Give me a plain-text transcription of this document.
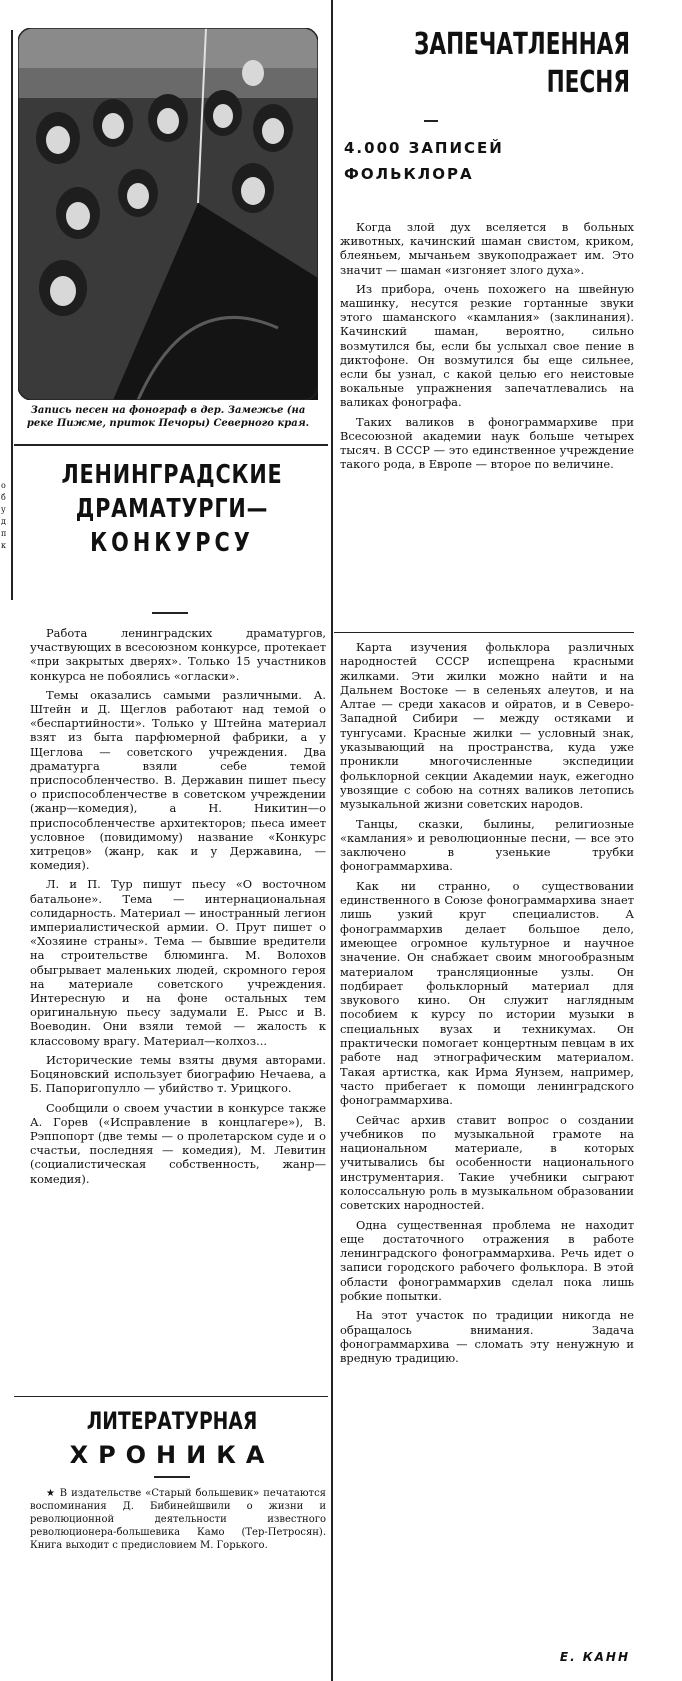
о б у д п к
Запись песен на фонограф в дер. Замежье (на реке Пижме, приток Печоры) Северного края.
ЛЕНИНГРАДСКИЕ
ДРАМАТУРГИ—
КОНКУРСУ

Работа ленинградских драматургов, участвующих в всесоюзном конкурсе, протекает «при закрытых дверях». Только 15 участников конкурса не побоялись «огласки».

Темы оказались самыми различными. А. Штейн и Д. Щеглов работают над темой о «беспартийности». Только у Штейна материал взят из быта парфюмерной фабрики, а у Щеглова — советского учреждения. Два драматурга взяли себе темой приспособленчество. В. Державин пишет пьесу о приспособленчестве в советском учреждении (жанр—комедия), а Н. Никитин—о приспособленчестве архитекторов; пьеса имеет условное (повидимому) название «Конкурс хитрецов» (жанр, как и у Державина, — комедия).

Л. и П. Тур пишут пьесу «О восточном батальоне». Тема — интернациональная солидарность. Материал — иностранный легион империалистической армии. О. Прут пишет о «Хозяине страны». Тема — бывшие вредители на строительстве блюминга. М. Волохов обыгрывает маленьких людей, скромного героя на материале советского учреждения. Интересную и на фоне остальных тем оригинальную пьесу задумали Е. Рысс и В. Воеводин. Они взяли темой — жалость к классовому врагу. Материал—колхоз...

Исторические темы взяты двумя авторами. Боцяновский использует биографию Нечаева, а Б. Папоригопулло — убийство т. Урицкого.

Сообщили о своем участии в конкурсе также А. Горев («Исправление в концлагере»), В. Рэппопорт (две темы — о пролетарском суде и о счастьи, последняя — комедия), М. Левитин (социалистическая собственность, жанр—комедия).

ЛИТЕРАТУРНАЯ
ХРОНИКА

★ В издательстве «Старый большевик» печатаются воспоминания Д. Бибинейшвили о жизни и революционной деятельности известного революционера-большевика Камо (Тер-Петросян). Книга выходит с предисловием М. Горького.

ЗАПЕЧАТЛЕННАЯ
ПЕСНЯ
4.000 ЗАПИСЕЙ
ФОЛЬКЛОРА

Когда злой дух вселяется в больных животных, качинский шаман свистом, криком, блеяньем, мычаньем звукоподражает им. Это значит — шаман «изгоняет злого духа».

Из прибора, очень похожего на швейную машинку, несутся резкие гортанные звуки этого шаманского «камлания» (заклинания). Качинский шаман, вероятно, сильно возмутился бы, если бы услыхал свое пение в диктофоне. Он возмутился бы еще сильнее, если бы узнал, с какой целью его неистовые вокальные упражнения запечатлевались на валиках фонографа.

Таких валиков в фонограммархиве при Всесоюзной академии наук больше четырех тысяч. В СССР — это единственное учреждение такого рода, в Европе — второе по величине.

Карта изучения фольклора различных народностей СССР испещрена красными жилками. Эти жилки можно найти и на Дальнем Востоке — в селеньях алеутов, и на Алтае — среди хакасов и ойратов, и в Северо-Западной Сибири — между остяками и тунгусами. Красные жилки — условный знак, указывающий на пространства, куда уже проникли многочисленные экспедиции фольклорной секции Академии наук, ежегодно увозящие с собою на сотнях валиков летопись музыкальной жизни советских народов.

Танцы, сказки, былины, религиозные «камлания» и революционные песни, — все это заключено в узенькие трубки фонограммархива.

Как ни странно, о существовании единственного в Союзе фонограммархива знает лишь узкий круг специалистов. А фонограммархив делает большое дело, имеющее огромное культурное и научное значение. Он снабжает своим многообразным материалом трансляционные узлы. Он подбирает фольклорный материал для звукового кино. Он служит наглядным пособием к курсу по истории музыки в специальных вузах и техникумах. Он практически помогает концертным певцам в их работе над этнографическим материалом. Такая артистка, как Ирма Яунзем, например, часто прибегает к помощи ленинградского фонограммархива.

Сейчас архив ставит вопрос о создании учебников по музыкальной грамоте на национальном материале, в которых учитывались бы особенности национального инструментария. Такие учебники сыграют колоссальную роль в музыкальном образовании советских народностей.

Одна существенная проблема не находит еще достаточного отражения в работе ленинградского фонограммархива. Речь идет о записи городского рабочего фольклора. В этой области фонограммархив сделал пока лишь робкие попытки.

На этот участок по традиции никогда не обращалось внимания. Задача фонограммархива — сломать эту ненужную и вредную традицию.

Е. КАНН
